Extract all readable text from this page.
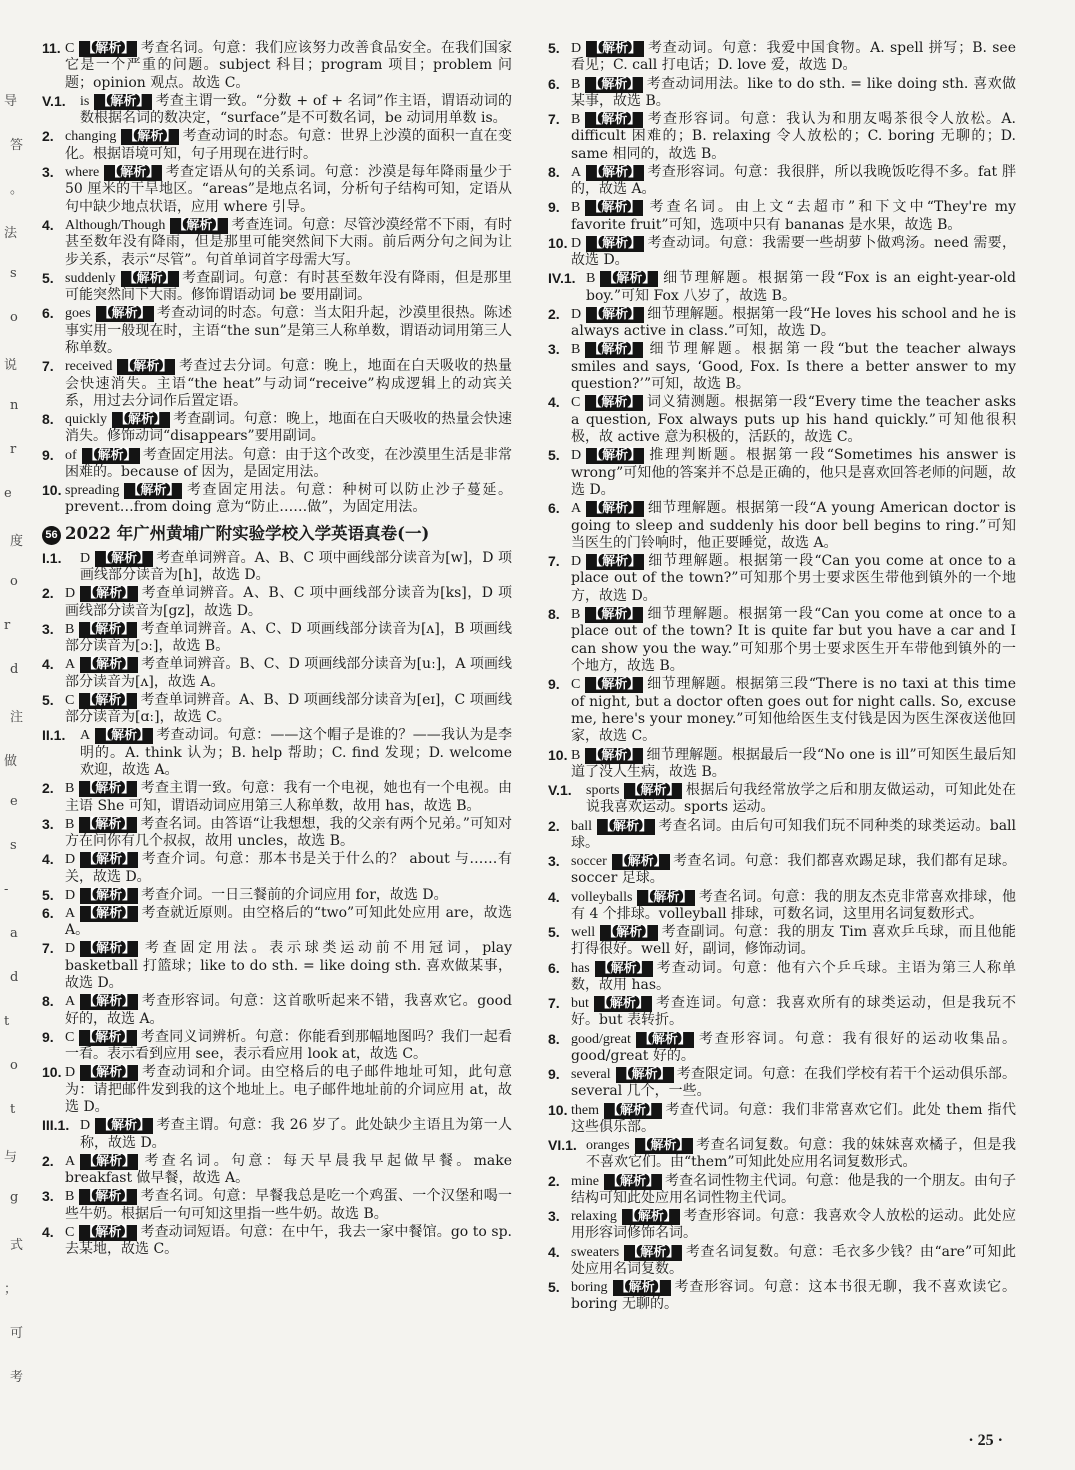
导
答
。
法
s
o
说
n
r
e
度
o
r
d
注
做
e
s
-
a
d
t
o
t
与
g
式
；
可
考
11. C 【解析】 考查名词。句意：我们应该努力改善食品安全。在我们国家它是一个严重的问题。subject 科目；program 项目；problem 问题；opinion 观点。故选 C。
V.1. is 【解析】 考查主谓一致。“分数 + of + 名词”作主语，谓语动词的数根据名词的数决定，“surface”是不可数名词，be 动词用单数 is。
2. changing 【解析】 考查动词的时态。句意：世界上沙漠的面积一直在变化。根据语境可知，句子用现在进行时。
3. where 【解析】 考查定语从句的关系词。句意：沙漠是每年降雨量少于 50 厘米的干旱地区。“areas”是地点名词，分析句子结构可知，定语从句中缺少地点状语，应用 where 引导。
4. Although/Though 【解析】 考查连词。句意：尽管沙漠经常不下雨，有时甚至数年没有降雨，但是那里可能突然间下大雨。前后两分句之间为让步关系，表示“尽管”。句首单词首字母需大写。
5. suddenly 【解析】 考查副词。句意：有时甚至数年没有降雨，但是那里可能突然间下大雨。修饰谓语动词 be 要用副词。
6. goes 【解析】 考查动词的时态。句意：当太阳升起，沙漠里很热。陈述事实用一般现在时，主语“the sun”是第三人称单数，谓语动词用第三人称单数。
7. received 【解析】 考查过去分词。句意：晚上，地面在白天吸收的热量会快速消失。主语“the heat”与动词“receive”构成逻辑上的动宾关系，用过去分词作后置定语。
8. quickly 【解析】 考查副词。句意：晚上，地面在白天吸收的热量会快速消失。修饰动词“disappears”要用副词。
9. of 【解析】 考查固定用法。句意：由于这个改变，在沙漠里生活是非常困难的。because of 因为，是固定用法。
10. spreading 【解析】 考查固定用法。句意：种树可以防止沙子蔓延。prevent…from doing 意为“防止……做”，为固定用法。
56 2022 年广州黄埔广附实验学校入学英语真卷(一)
I.1. D 【解析】 考查单词辨音。A、B、C 项中画线部分读音为[w]，D 项画线部分读音为[h]，故选 D。
2. D 【解析】 考查单词辨音。A、B、C 项中画线部分读音为[ks]，D 项画线部分读音为[gz]，故选 D。
3. B 【解析】 考查单词辨音。A、C、D 项画线部分读音为[ʌ]，B 项画线部分读音为[ɔː]，故选 B。
4. A 【解析】 考查单词辨音。B、C、D 项画线部分读音为[uː]，A 项画线部分读音为[ʌ]，故选 A。
5. C 【解析】 考查单词辨音。A、B、D 项画线部分读音为[eɪ]，C 项画线部分读音为[ɑː]，故选 C。
II.1. A 【解析】 考查动词。句意：——这个帽子是谁的？——我认为是李明的。A. think 认为；B. help 帮助；C. find 发现；D. welcome 欢迎，故选 A。
2. B 【解析】 考查主谓一致。句意：我有一个电视，她也有一个电视。由主语 She 可知，谓语动词应用第三人称单数，故用 has，故选 B。
3. B 【解析】 考查名词。由答语“让我想想，我的父亲有两个兄弟。”可知对方在问你有几个叔叔，故用 uncles，故选 B。
4. D 【解析】 考查介词。句意：那本书是关于什么的？ about 与……有关，故选 D。
5. D 【解析】 考查介词。一日三餐前的介词应用 for，故选 D。
6. A 【解析】 考查就近原则。由空格后的“two”可知此处应用 are，故选 A。
7. D 【解析】 考查固定用法。表示球类运动前不用冠词，play basketball 打篮球；like to do sth. = like doing sth. 喜欢做某事，故选 D。
8. A 【解析】 考查形容词。句意：这首歌听起来不错，我喜欢它。good 好的，故选 A。
9. C 【解析】 考查同义词辨析。句意：你能看到那幅地图吗？我们一起看一看。表示看到应用 see，表示看应用 look at，故选 C。
10. D 【解析】 考查动词和介词。由空格后的电子邮件地址可知，此句意为：请把邮件发到我的这个地址上。电子邮件地址前的介词应用 at，故选 D。
III.1. D 【解析】 考查主谓。句意：我 26 岁了。此处缺少主语且为第一人称，故选 D。
2. A 【解析】 考查名词。句意：每天早晨我早起做早餐。make breakfast 做早餐，故选 A。
3. B 【解析】 考查名词。句意：早餐我总是吃一个鸡蛋、一个汉堡和喝一些牛奶。根据后一句可知这里指一些牛奶。故选 B。
4. C 【解析】 考查动词短语。句意：在中午，我去一家中餐馆。go to sp. 去某地，故选 C。
5. D 【解析】 考查动词。句意：我爱中国食物。A. spell 拼写；B. see 看见；C. call 打电话；D. love 爱，故选 D。
6. B 【解析】 考查动词用法。like to do sth. = like doing sth. 喜欢做某事，故选 B。
7. B 【解析】 考查形容词。句意：我认为和朋友喝茶很令人放松。A. difficult 困难的；B. relaxing 令人放松的；C. boring 无聊的；D. same 相同的，故选 B。
8. A 【解析】 考查形容词。句意：我很胖，所以我晚饭吃得不多。fat 胖的，故选 A。
9. B 【解析】 考查名词。由上文“去超市”和下文中“They're my favorite fruit”可知，选项中只有 bananas 是水果，故选 B。
10. D 【解析】 考查动词。句意：我需要一些胡萝卜做鸡汤。need 需要，故选 D。
IV.1. B 【解析】 细节理解题。根据第一段“Fox is an eight-year-old boy.”可知 Fox 八岁了，故选 B。
2. D 【解析】 细节理解题。根据第一段“He loves his school and he is always active in class.”可知，故选 D。
3. B 【解析】 细节理解题。根据第一段“but the teacher always smiles and says, ‘Good, Fox. Is there a better answer to my question?’”可知，故选 B。
4. C 【解析】 词义猜测题。根据第一段“Every time the teacher asks a question, Fox always puts up his hand quickly.”可知他很积极，故 active 意为积极的，活跃的，故选 C。
5. D 【解析】 推理判断题。根据第一段“Sometimes his answer is wrong”可知他的答案并不总是正确的，他只是喜欢回答老师的问题，故选 D。
6. A 【解析】 细节理解题。根据第一段“A young American doctor is going to sleep and suddenly his door bell begins to ring.”可知当医生的门铃响时，他正要睡觉，故选 A。
7. D 【解析】 细节理解题。根据第一段“Can you come at once to a place out of the town?”可知那个男士要求医生带他到镇外的一个地方，故选 D。
8. B 【解析】 细节理解题。根据第一段“Can you come at once to a place out of the town? It is quite far but you have a car and I can show you the way.”可知那个男士要求医生开车带他到镇外的一个地方，故选 B。
9. C 【解析】 细节理解题。根据第三段“There is no taxi at this time of night, but a doctor often goes out for night calls. So, excuse me, here's your money.”可知他给医生支付钱是因为医生深夜送他回家，故选 C。
10. B 【解析】 细节理解题。根据最后一段“No one is ill”可知医生最后知道了没人生病，故选 B。
V.1. sports 【解析】 根据后句我经常放学之后和朋友做运动，可知此处在说我喜欢运动。sports 运动。
2. ball 【解析】 考查名词。由后句可知我们玩不同种类的球类运动。ball 球。
3. soccer 【解析】 考查名词。句意：我们都喜欢踢足球，我们都有足球。soccer 足球。
4. volleyballs 【解析】 考查名词。句意：我的朋友杰克非常喜欢排球，他有 4 个排球。volleyball 排球，可数名词，这里用名词复数形式。
5. well 【解析】 考查副词。句意：我的朋友 Tim 喜欢乒乓球，而且他能打得很好。well 好，副词，修饰动词。
6. has 【解析】 考查动词。句意：他有六个乒乓球。主语为第三人称单数，故用 has。
7. but 【解析】 考查连词。句意：我喜欢所有的球类运动，但是我玩不好。but 表转折。
8. good/great 【解析】 考查形容词。句意：我有很好的运动收集品。good/great 好的。
9. several 【解析】 考查限定词。句意：在我们学校有若干个运动俱乐部。several 几个，一些。
10. them 【解析】 考查代词。句意：我们非常喜欢它们。此处 them 指代这些俱乐部。
VI.1. oranges 【解析】 考查名词复数。句意：我的妹妹喜欢橘子，但是我不喜欢它们。由“them”可知此处应用名词复数形式。
2. mine 【解析】 考查名词性物主代词。句意：他是我的一个朋友。由句子结构可知此处应用名词性物主代词。
3. relaxing 【解析】 考查形容词。句意：我喜欢令人放松的运动。此处应用形容词修饰名词。
4. sweaters 【解析】 考查名词复数。句意：毛衣多少钱？由“are”可知此处应用名词复数。
5. boring 【解析】 考查形容词。句意：这本书很无聊，我不喜欢读它。boring 无聊的。
· 25 ·
